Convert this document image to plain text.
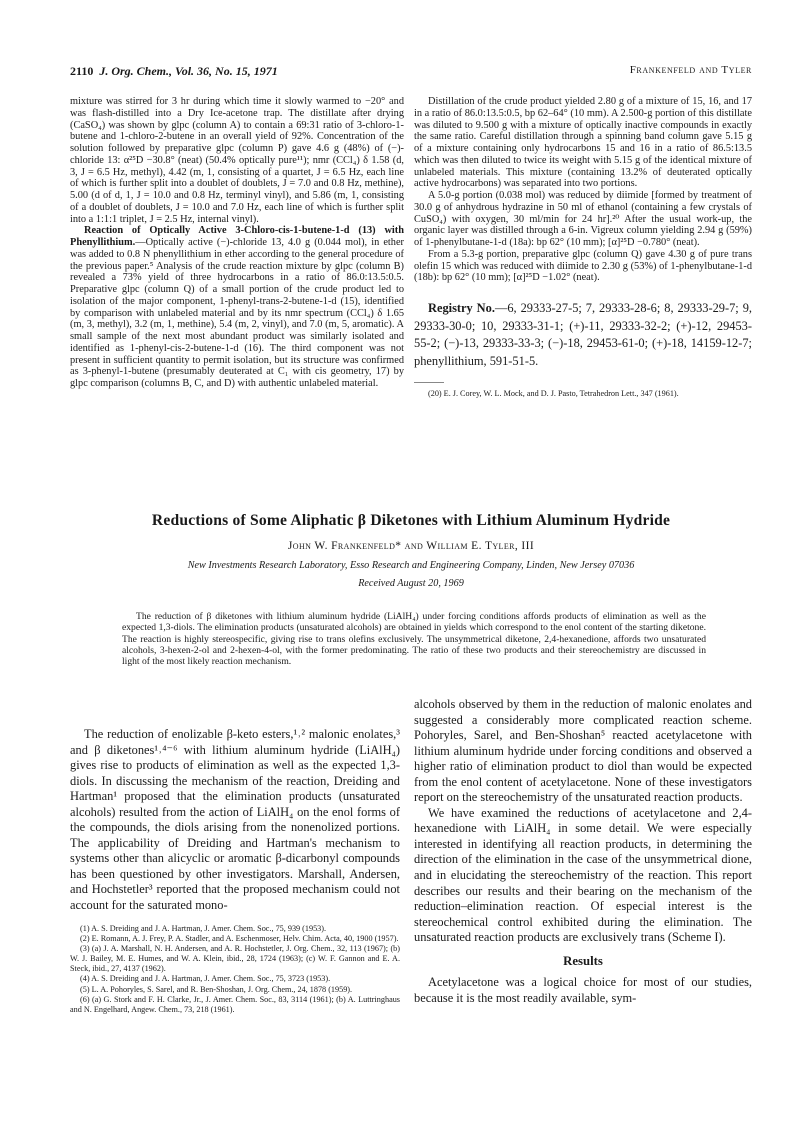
2110 J. Org. Chem., Vol. 36, No. 15, 1971	Frankenfeld and Tyler

mixture was stirred for 3 hr during which time it slowly warmed to −20° and was flash-distilled into a Dry Ice-acetone trap. The distillate after drying (CaSO₄) was shown by glpc (column A) to contain a 69:31 ratio of 3-chloro-1-butene and 1-chloro-2-butene in an overall yield of 92%. Concentration of the solution followed by preparative glpc (column P) gave 4.6 g (48%) of (−)-chloride 13: α²⁵D −30.8° (neat) (50.4% optically pure¹¹); nmr (CCl₄) δ 1.58 (d, 3, J = 6.5 Hz, methyl), 4.42 (m, 1, consisting of a quartet, J = 6.5 Hz, each line of which is further split into a doublet of doublets, J = 7.0 and 0.8 Hz, methine), 5.00 (d of d, 1, J = 10.0 and 0.8 Hz, terminyl vinyl), and 5.86 (m, 1, consisting of a doublet of doublets, J = 10.0 and 7.0 Hz, each line of which is further split into a 1:1:1 triplet, J = 2.5 Hz, internal vinyl).

Reaction of Optically Active 3-Chloro-cis-1-butene-1-d (13) with Phenyllithium.—Optically active (−)-chloride 13, 4.0 g (0.044 mol), in ether was added to 0.8 N phenyllithium in ether according to the general procedure of the previous paper.⁵ Analysis of the crude reaction mixture by glpc (column B) revealed a 73% yield of three hydrocarbons in a ratio of 86.0:13.5:0.5. Preparative glpc (column Q) of a small portion of the crude product led to isolation of the major component, 1-phenyl-trans-2-butene-1-d (15), identified by comparison with unlabeled material and by its nmr spectrum (CCl₄) δ 1.65 (m, 3, methyl), 3.2 (m, 1, methine), 5.4 (m, 2, vinyl), and 7.0 (m, 5, aromatic). A small sample of the next most abundant product was similarly isolated and identified as 1-phenyl-cis-2-butene-1-d (16). The third component was not present in sufficient quantity to permit isolation, but its structure was confirmed as 3-phenyl-1-butene (presumably deuterated at C₁ with cis geometry, 17) by glpc comparison (columns B, C, and D) with authentic unlabeled material.

Distillation of the crude product yielded 2.80 g of a mixture of 15, 16, and 17 in a ratio of 86.0:13.5:0.5, bp 62–64° (10 mm). A 2.500-g portion of this distillate was diluted to 9.500 g with a mixture of optically inactive compounds in exactly the same ratio. Careful distillation through a spinning band column gave 5.15 g of a mixture containing only hydrocarbons 15 and 16 in a ratio of 86.5:13.5 which was then diluted to twice its weight with 5.15 g of the identical mixture of unlabeled materials. This mixture (containing 13.2% of deuterated optically active hydrocarbons) was separated into two portions.

A 5.0-g portion (0.038 mol) was reduced by diimide [formed by treatment of 30.0 g of anhydrous hydrazine in 50 ml of ethanol (containing a few crystals of CuSO₄) with oxygen, 30 ml/min for 24 hr].²⁰ After the usual work-up, the organic layer was distilled through a 6-in. Vigreux column yielding 2.94 g (59%) of 1-phenylbutane-1-d (18a): bp 62° (10 mm); [α]²⁵D −0.780° (neat).

From a 5.3-g portion, preparative glpc (column Q) gave 4.30 g of pure trans olefin 15 which was reduced with diimide to 2.30 g (53%) of 1-phenylbutane-1-d (18b): bp 62° (10 mm); [α]²⁵D −1.02° (neat).

Registry No.—6, 29333-27-5; 7, 29333-28-6; 8, 29333-29-7; 9, 29333-30-0; 10, 29333-31-1; (+)-11, 29333-32-2; (+)-12, 29453-55-2; (−)-13, 29333-33-3; (−)-18, 29453-61-0; (+)-18, 14159-12-7; phenyllithium, 591-51-5.

(20) E. J. Corey, W. L. Mock, and D. J. Pasto, Tetrahedron Lett., 347 (1961).

Reductions of Some Aliphatic β Diketones with Lithium Aluminum Hydride

John W. Frankenfeld* and William E. Tyler, III

New Investments Research Laboratory, Esso Research and Engineering Company, Linden, New Jersey 07036

Received August 20, 1969

The reduction of β diketones with lithium aluminum hydride (LiAlH₄) under forcing conditions affords products of elimination as well as the expected 1,3-diols. The elimination products (unsaturated alcohols) are obtained in yields which correspond to the enol content of the starting diketone. The reaction is highly stereospecific, giving rise to trans olefins exclusively. The unsymmetrical diketone, 2,4-hexanedione, affords two unsaturated alcohols, 3-hexen-2-ol and 2-hexen-4-ol, with the former predominating. The ratio of these two products and their stereochemistry are discussed in light of the most likely reaction mechanism.

The reduction of enolizable β-keto esters,¹˒² malonic enolates,³ and β diketones¹˒⁴⁻⁶ with lithium aluminum hydride (LiAlH₄) gives rise to products of elimination as well as the expected 1,3-diols. In discussing the mechanism of the reaction, Dreiding and Hartman¹ proposed that the elimination products (unsaturated alcohols) resulted from the action of LiAlH₄ on the enol forms of the compounds, the diols arising from the nonenolized portions. The applicability of Dreiding and Hartman's mechanism to systems other than alicyclic or aromatic β-dicarbonyl compounds has been questioned by other investigators. Marshall, Andersen, and Hochstetler³ reported that the proposed mechanism could not account for the saturated mono-

(1) A. S. Dreiding and J. A. Hartman, J. Amer. Chem. Soc., 75, 939 (1953).

(2) E. Romann, A. J. Frey, P. A. Stadler, and A. Eschenmoser, Helv. Chim. Acta, 40, 1900 (1957).

(3) (a) J. A. Marshall, N. H. Andersen, and A. R. Hochstetler, J. Org. Chem., 32, 113 (1967); (b) W. J. Bailey, M. E. Humes, and W. A. Klein, ibid., 28, 1724 (1963); (c) W. F. Gannon and E. A. Steck, ibid., 27, 4137 (1962).

(4) A. S. Dreiding and J. A. Hartman, J. Amer. Chem. Soc., 75, 3723 (1953).

(5) L. A. Pohoryles, S. Sarel, and R. Ben-Shoshan, J. Org. Chem., 24, 1878 (1959).

(6) (a) G. Stork and F. H. Clarke, Jr., J. Amer. Chem. Soc., 83, 3114 (1961); (b) A. Luttringhaus and N. Engelhard, Angew. Chem., 73, 218 (1961).

alcohols observed by them in the reduction of malonic enolates and suggested a considerably more complicated reaction scheme. Pohoryles, Sarel, and Ben-Shoshan⁵ reacted acetylacetone with lithium aluminum hydride under forcing conditions and observed a higher ratio of elimination product to diol than would be expected from the enol content of acetylacetone. None of these investigators report on the stereochemistry of the unsaturated reaction products.

We have examined the reductions of acetylacetone and 2,4-hexanedione with LiAlH₄ in some detail. We were especially interested in identifying all reaction products, in determining the direction of the elimination in the case of the unsymmetrical dione, and in elucidating the stereochemistry of the reaction. This report describes our results and their bearing on the mechanism of the reduction–elimination reaction. Of especial interest is the stereochemical control exhibited during the elimination. The unsaturated reaction products are exclusively trans (Scheme I).

Results

Acetylacetone was a logical choice for most of our studies, because it is the most readily available, sym-
